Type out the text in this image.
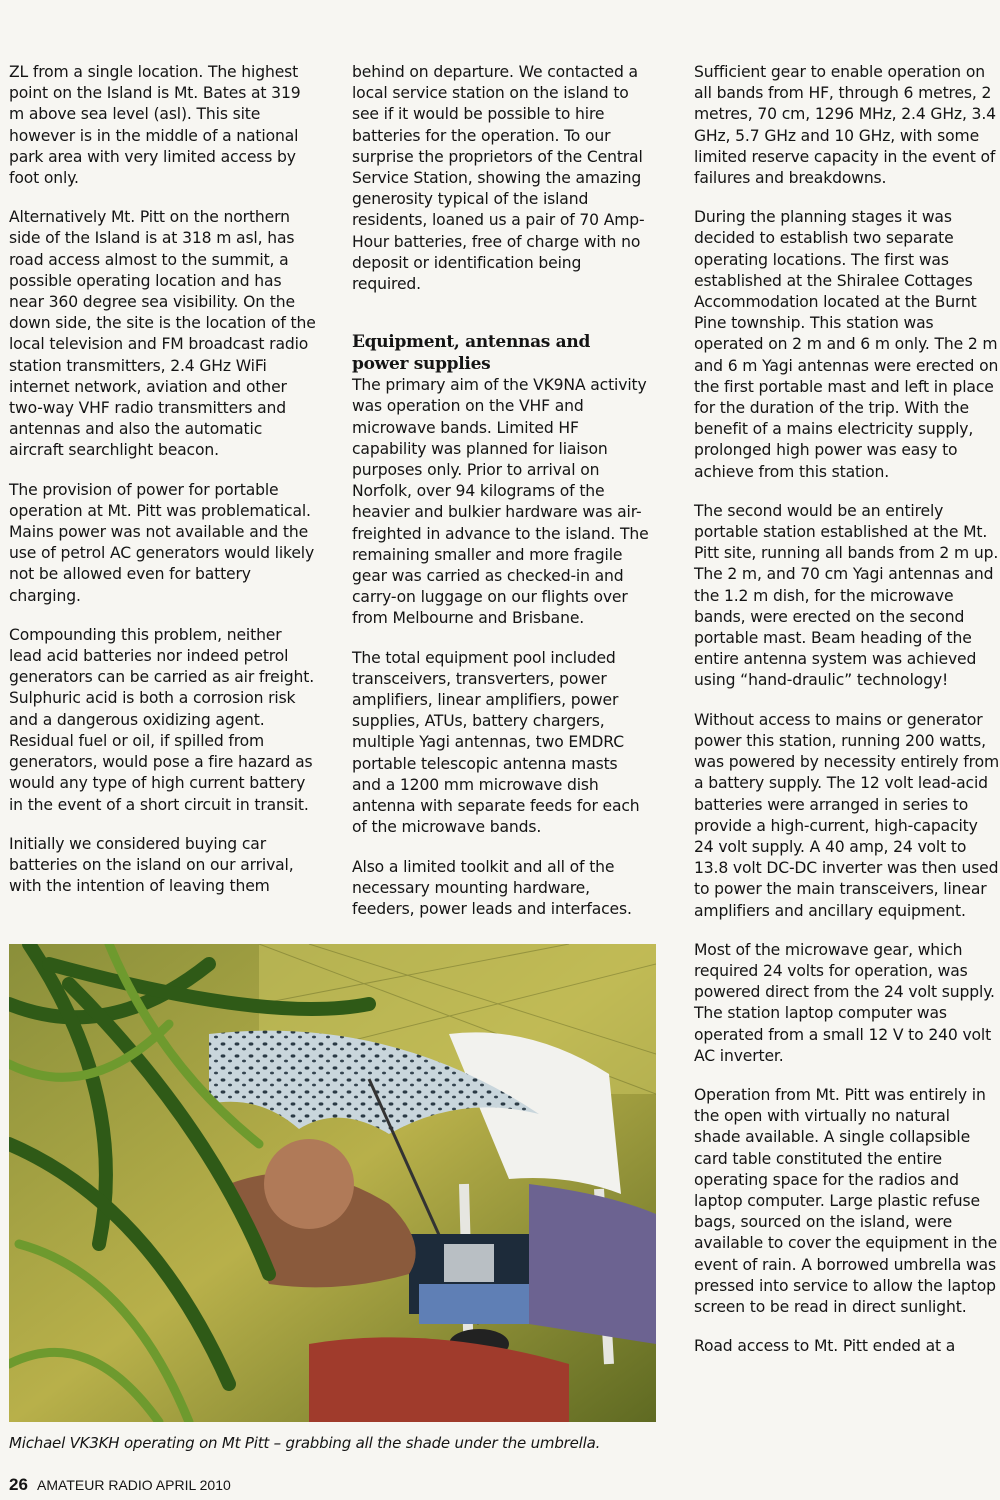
ZL from a single location. The highest point on the Island is Mt. Bates at 319 m above sea level (asl). This site however is in the middle of a national park area with very limited access by foot only.

Alternatively Mt. Pitt on the northern side of the Island is at 318 m asl, has road access almost to the summit, a possible operating location and has near 360 degree sea visibility. On the down side, the site is the location of the local television and FM broadcast radio station transmitters, 2.4 GHz WiFi internet network, aviation and other two-way VHF radio transmitters and antennas and also the automatic aircraft searchlight beacon.

The provision of power for portable operation at Mt. Pitt was problematical. Mains power was not available and the use of petrol AC generators would likely not be allowed even for battery charging.

Compounding this problem, neither lead acid batteries nor indeed petrol generators can be carried as air freight. Sulphuric acid is both a corrosion risk and a dangerous oxidizing agent. Residual fuel or oil, if spilled from generators, would pose a fire hazard as would any type of high current battery in the event of a short circuit in transit.

Initially we considered buying car batteries on the island on our arrival, with the intention of leaving them

behind on departure. We contacted a local service station on the island to see if it would be possible to hire batteries for the operation. To our surprise the proprietors of the Central Service Station, showing the amazing generosity typical of the island residents, loaned us a pair of 70 Amp-Hour batteries, free of charge with no deposit or identification being required.

Equipment, antennas and power supplies

The primary aim of the VK9NA activity was operation on the VHF and microwave bands. Limited HF capability was planned for liaison purposes only. Prior to arrival on Norfolk, over 94 kilograms of the heavier and bulkier hardware was air-freighted in advance to the island. The remaining smaller and more fragile gear was carried as checked-in and carry-on luggage on our flights over from Melbourne and Brisbane.

The total equipment pool included transceivers, transverters, power amplifiers, linear amplifiers, power supplies, ATUs, battery chargers, multiple Yagi antennas, two EMDRC portable telescopic antenna masts and a 1200 mm microwave dish antenna with separate feeds for each of the microwave bands.

Also a limited toolkit and all of the necessary mounting hardware, feeders, power leads and interfaces.

Sufficient gear to enable operation on all bands from HF, through 6 metres, 2 metres, 70 cm, 1296 MHz, 2.4 GHz, 3.4 GHz, 5.7 GHz and 10 GHz, with some limited reserve capacity in the event of failures and breakdowns.

During the planning stages it was decided to establish two separate operating locations. The first was established at the Shiralee Cottages Accommodation located at the Burnt Pine township. This station was operated on 2 m and 6 m only. The 2 m and 6 m Yagi antennas were erected on the first portable mast and left in place for the duration of the trip. With the benefit of a mains electricity supply, prolonged high power was easy to achieve from this station.

The second would be an entirely portable station established at the Mt. Pitt site, running all bands from 2 m up. The 2 m, and 70 cm Yagi antennas and the 1.2 m dish, for the microwave bands, were erected on the second portable mast. Beam heading of the entire antenna system was achieved using “hand-draulic” technology!

Without access to mains or generator power this station, running 200 watts, was powered by necessity entirely from a battery supply. The 12 volt lead-acid batteries were arranged in series to provide a high-current, high-capacity 24 volt supply. A 40 amp, 24 volt to 13.8 volt DC-DC inverter was then used to power the main transceivers, linear amplifiers and ancillary equipment.

Most of the microwave gear, which required 24 volts for operation, was powered direct from the 24 volt supply. The station laptop computer was operated from a small 12 V to 240 volt AC inverter.

Operation from Mt. Pitt was entirely in the open with virtually no natural shade available. A single collapsible card table constituted the entire operating space for the radios and laptop computer. Large plastic refuse bags, sourced on the island, were available to cover the equipment in the event of rain. A borrowed umbrella was pressed into service to allow the laptop screen to be read in direct sunlight.

Road access to Mt. Pitt ended at a

Michael VK3KH operating on Mt Pitt – grabbing all the shade under the umbrella.
26 AMATEUR RADIO APRIL 2010
